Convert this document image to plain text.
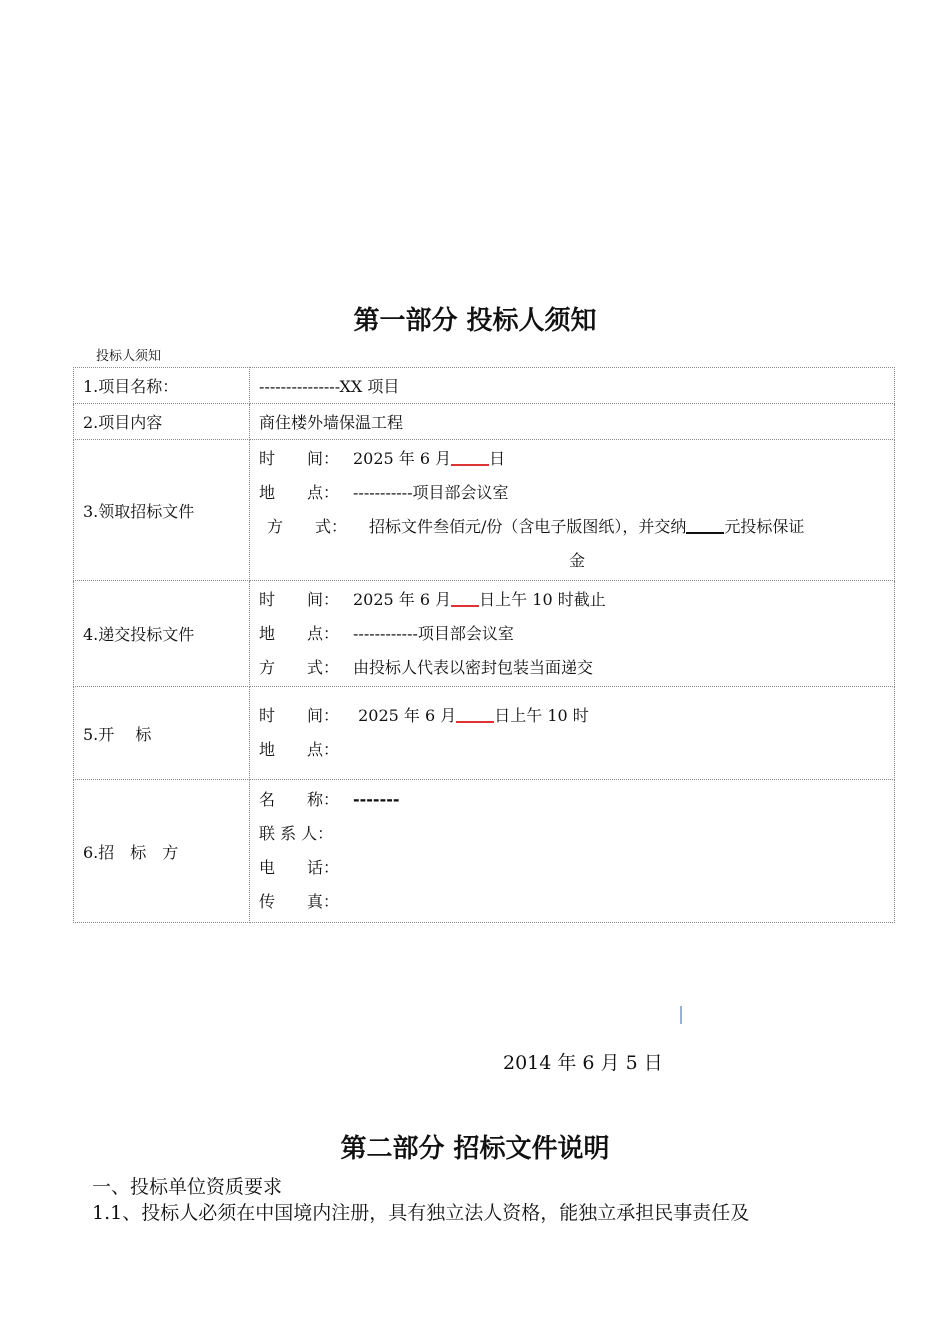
第一部分 投标人须知
投标人须知
1.项目名称：	---------------XX 项目
2.项目内容	商住楼外墙保温工程
3.领取招标文件	时　　间： 2025 年 6 月 日
地　　点： -----------项目部会议室
方　　式： 招标文件叁佰元/份（含电子版图纸），并交纳 元投标保证
金

4.递交投标文件	时　　间： 2025 年 6 月 日上午 10 时截止
地　　点： ------------项目部会议室
方　　式： 由投标人代表以密封包装当面递交

5.开　 标	时　　间： 2025 年 6 月 日上午 10 时
地　　点：

6.招　标　方	名　　称： -------
联 系 人：
电　　话：
传　　真：
2014 年 6 月 5 日
第二部分 招标文件说明
一、投标单位资质要求
1.1、投标人必须在中国境内注册，具有独立法人资格，能独立承担民事责任及
